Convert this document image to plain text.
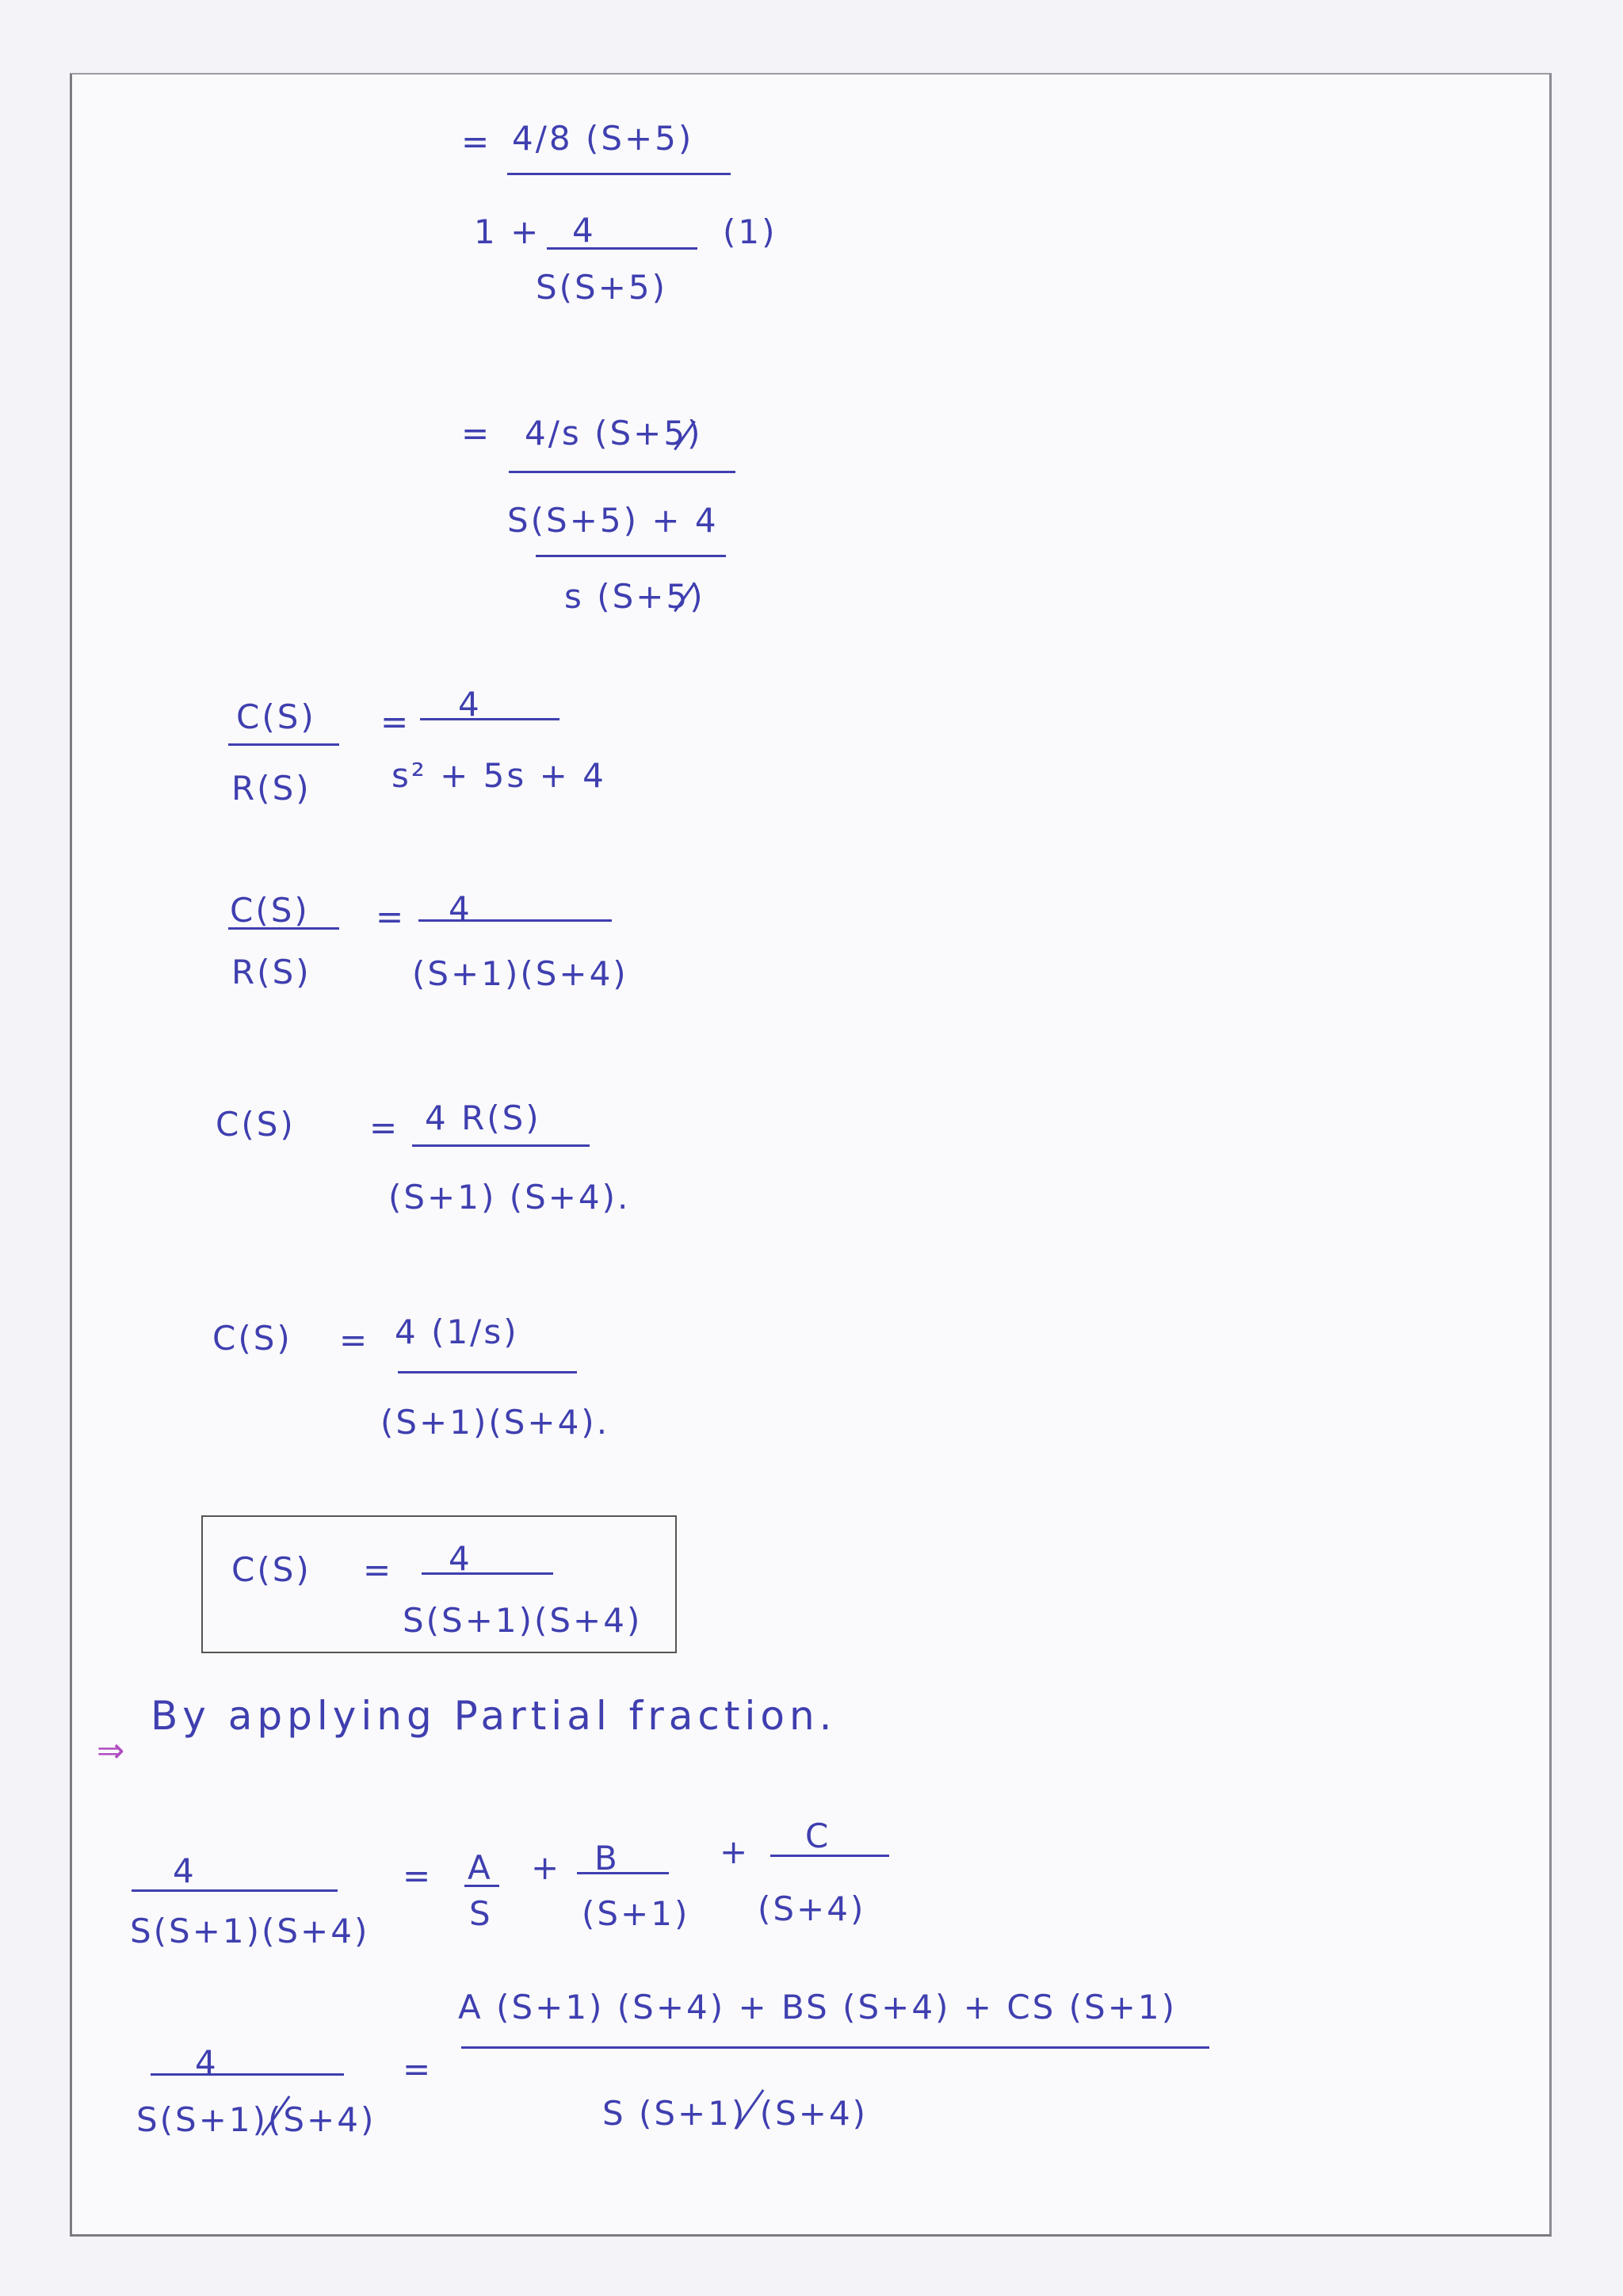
= 4/8 (S+5)
1 + 4	(1)
S(S+5)
= 4/s (S+5)
S(S+5) + 4
s (S+5)
C(S)
R(S)
= 4
s² + 5s + 4
C(S)
R(S)
= 4
(S+1)(S+4)
C(S) = 4 R(S)
(S+1) (S+4).
C(S) = 4 (1/s)
(S+1)(S+4).
C(S) = 4
S(S+1)(S+4)
⇒
By applying Partial fraction.
4
S(S+1)(S+4)
= A
S
+ B
(S+1)
+ C
(S+4)
4
S(S+1)(S+4)
=
A (S+1) (S+4) + BS (S+4) + CS (S+1)
S (S+1) (S+4)
